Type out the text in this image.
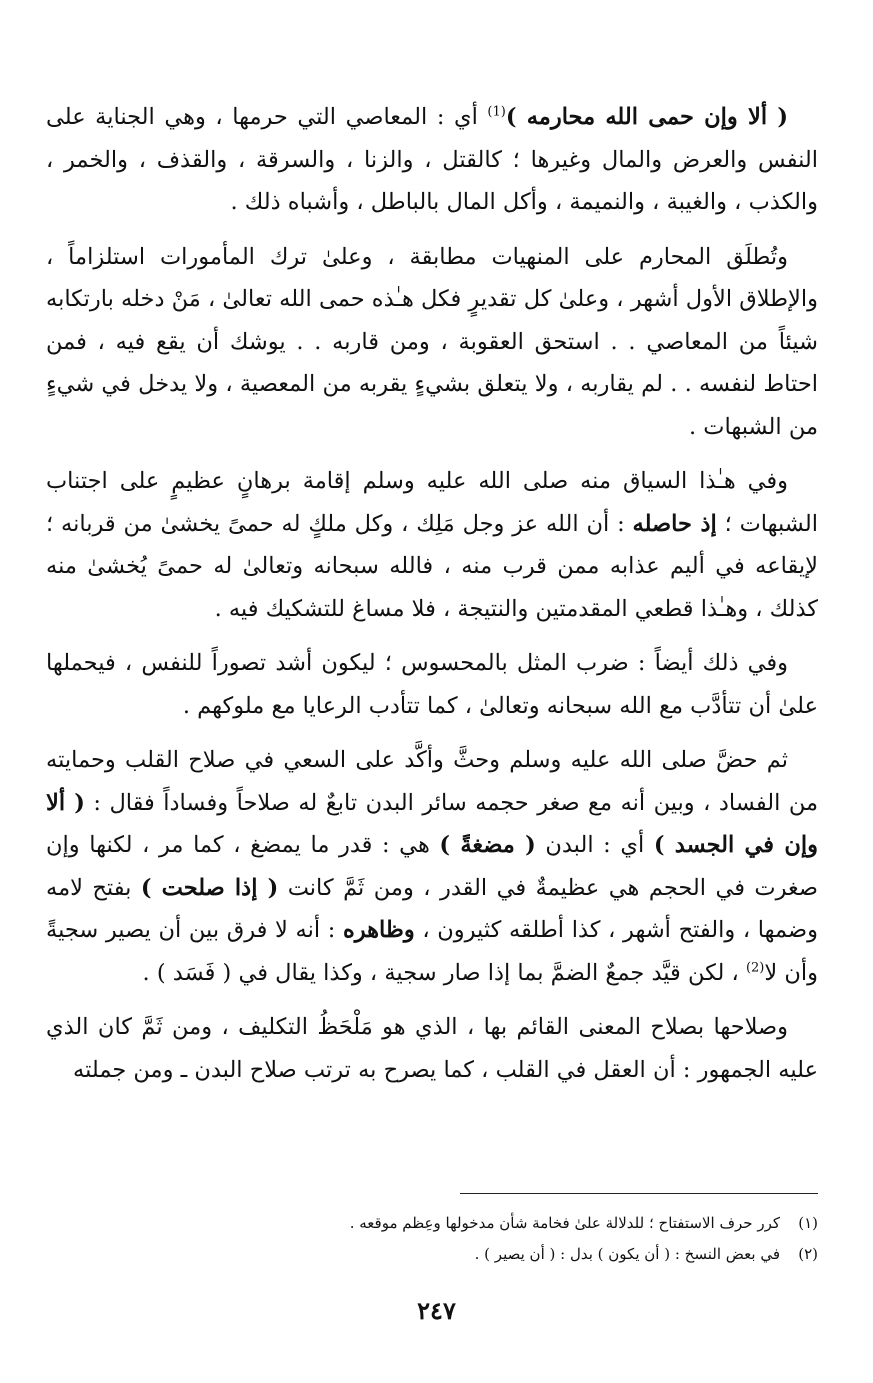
( ألا وإن حمى الله محارمه )$^{(1)}$ أي : المعاصي التي حرمها ، وهي الجناية على النفس والعرض والمال وغيرها ؛ كالقتل ، والزنا ، والسرقة ، والقذف ، والخمر ، والكذب ، والغيبة ، والنميمة ، وأكل المال بالباطل ، وأشباه ذلك .

وتُطلَق المحارم على المنهيات مطابقة ، وعلىٰ ترك المأمورات استلزاماً ، والإطلاق الأول أشهر ، وعلىٰ كل تقديرٍ فكل هـٰذه حمى الله تعالىٰ ، مَنْ دخله بارتكابه شيئاً من المعاصي . . استحق العقوبة ، ومن قاربه . . يوشك أن يقع فيه ، فمن احتاط لنفسه . . لم يقاربه ، ولا يتعلق بشيءٍ يقربه من المعصية ، ولا يدخل في شيءٍ من الشبهات .

وفي هـٰذا السياق منه صلى الله عليه وسلم إقامة برهانٍ عظيمٍ على اجتناب الشبهات ؛ إذ حاصله : أن الله عز وجل مَلِك ، وكل ملكٍ له حمىً يخشىٰ من قربانه ؛ لإيقاعه في أليم عذابه ممن قرب منه ، فالله سبحانه وتعالىٰ له حمىً يُخشىٰ منه كذلك ، وهـٰذا قطعي المقدمتين والنتيجة ، فلا مساغ للتشكيك فيه .

وفي ذلك أيضاً : ضرب المثل بالمحسوس ؛ ليكون أشد تصوراً للنفس ، فيحملها علىٰ أن تتأدَّب مع الله سبحانه وتعالىٰ ، كما تتأدب الرعايا مع ملوكهم .

ثم حضَّ صلى الله عليه وسلم وحثَّ وأكَّد على السعي في صلاح القلب وحمايته من الفساد ، وبين أنه مع صغر حجمه سائر البدن تابعٌ له صلاحاً وفساداً فقال : ( ألا وإن في الجسد ) أي : البدن ( مضغةً ) هي : قدر ما يمضغ ، كما مر ، لكنها وإن صغرت في الحجم هي عظيمةٌ في القدر ، ومن ثَمَّ كانت ( إذا صلحت ) بفتح لامه وضمها ، والفتح أشهر ، كذا أطلقه كثيرون ، وظاهره : أنه لا فرق بين أن يصير سجيةً وأن لا$^{(2)}$ ، لكن قيَّد جمعٌ الضمَّ بما إذا صار سجية ، وكذا يقال في ( فَسَد ) .

وصلاحها بصلاح المعنى القائم بها ، الذي هو مَلْحَظُ التكليف ، ومن ثَمَّ كان الذي عليه الجمهور : أن العقل في القلب ، كما يصرح به ترتب صلاح البدن ـ ومن جملته

(١)
كرر حرف الاستفتاح ؛ للدلالة علىٰ فخامة شأن مدخولها وعِظم موقعه .
(٢)
في بعض النسخ : ( أن يكون ) بدل : ( أن يصير ) .
٢٤٧
